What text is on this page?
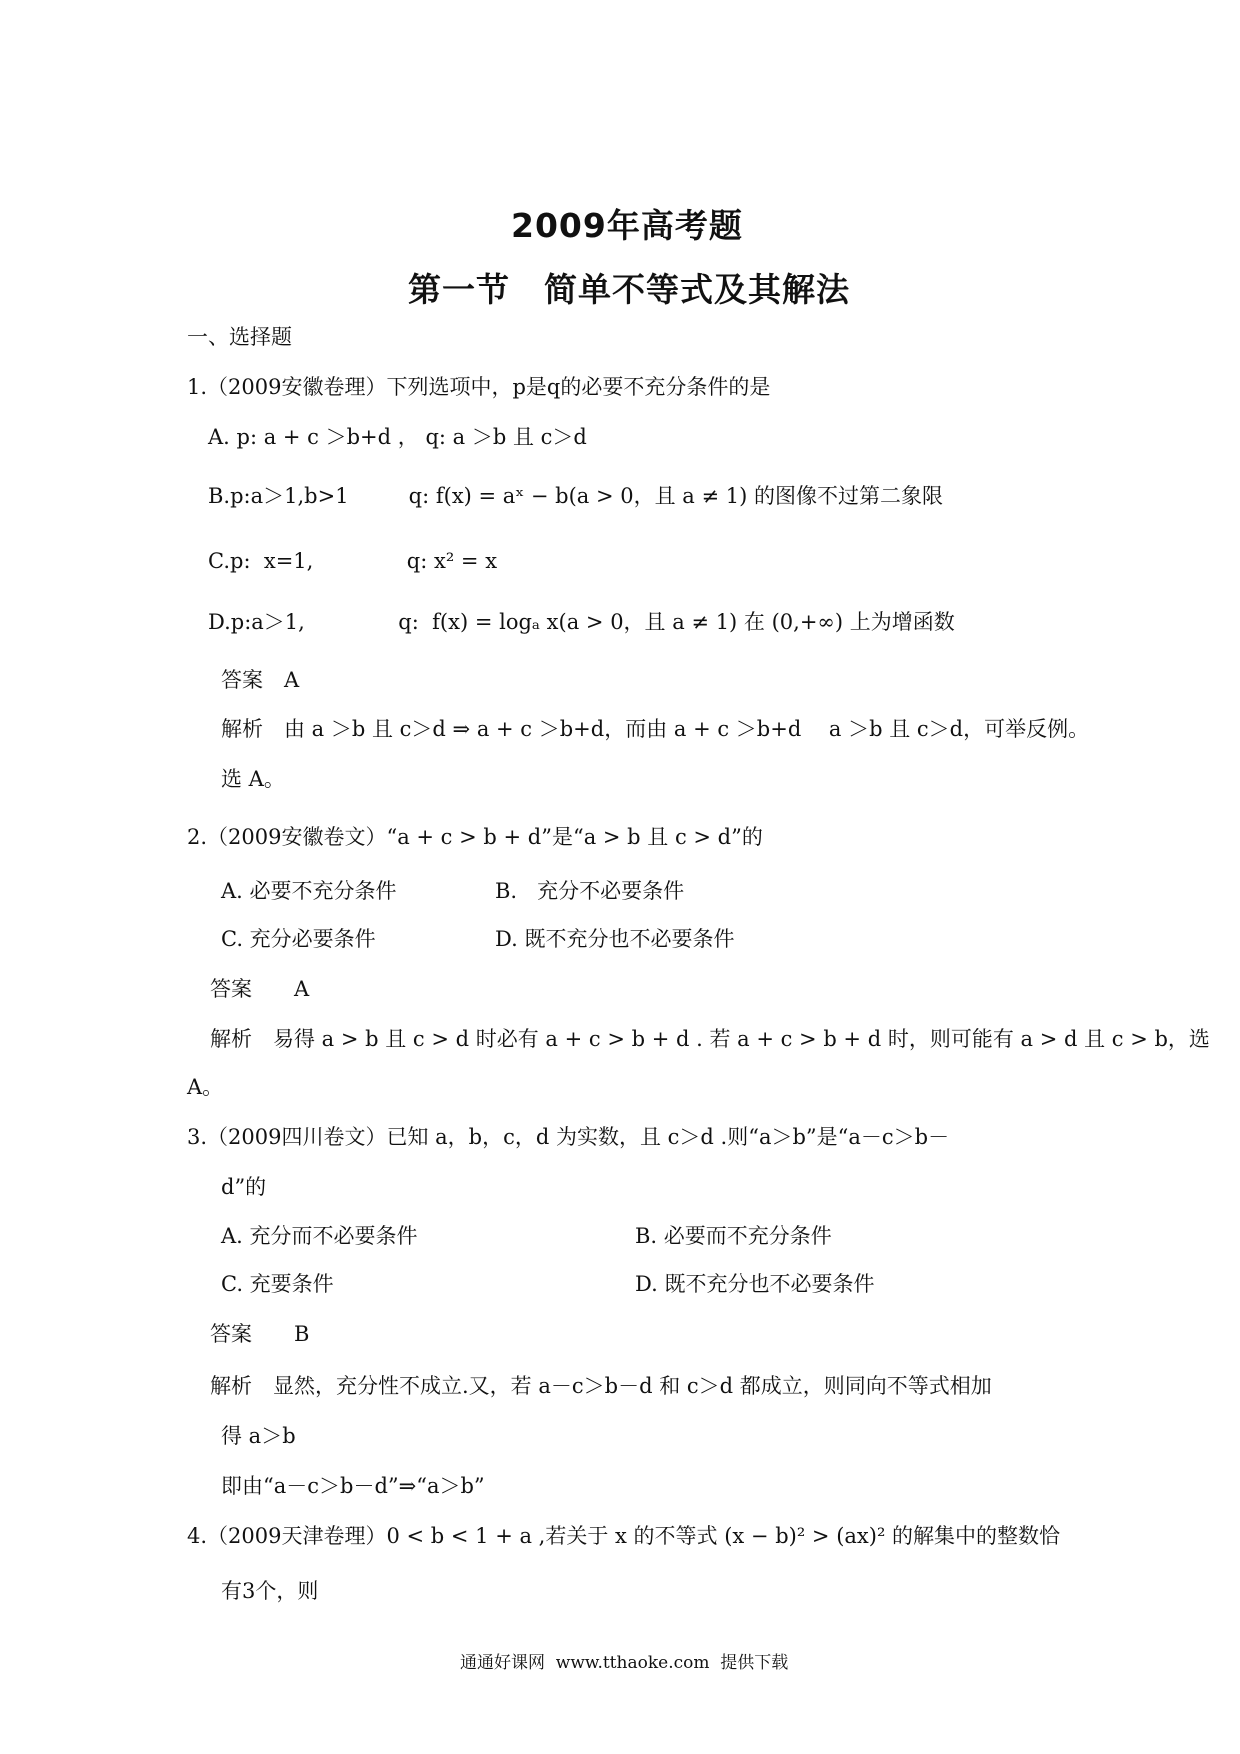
2009年高考题
第一节　简单不等式及其解法
一、选择题
1.（2009安徽卷理）下列选项中，p是q的必要不充分条件的是
A. p: a + c ＞b+d ， q: a ＞b 且 c＞d
B.p:a＞1,b>1         q: f(x) = aˣ − b(a > 0，且 a ≠ 1) 的图像不过第二象限
C.p:  x=1,              q: x² = x
D.p:a＞1,              q:  f(x) = logₐ x(a > 0，且 a ≠ 1) 在 (0,+∞) 上为增函数
答案　A
解析　由 a ＞b 且 c＞d ⇒ a + c ＞b+d，而由 a + c ＞b+d　 a ＞b 且 c＞d，可举反例。
选 A。
2.（2009安徽卷文）“a + c > b + d”是“a > b 且 c > d”的
A. 必要不充分条件	B.   充分不必要条件
C. 充分必要条件	D. 既不充分也不必要条件
答案　　A
解析　易得 a > b 且 c > d 时必有 a + c > b + d . 若 a + c > b + d 时，则可能有 a > d 且 c > b，选
A。
3.（2009四川卷文）已知 a，b，c，d 为实数，且 c＞d .则“a＞b”是“a－c＞b－
d”的
A. 充分而不必要条件	B. 必要而不充分条件
C. 充要条件	D. 既不充分也不必要条件
答案　　B
解析　显然，充分性不成立.又，若 a－c＞b－d 和 c＞d 都成立，则同向不等式相加
得 a＞b
即由“a－c＞b－d”⇒“a＞b”
4.（2009天津卷理）0 < b < 1 + a ,若关于 x 的不等式 (x − b)² > (ax)² 的解集中的整数恰
有3个，则
通通好课网  www.tthaoke.com  提供下载
